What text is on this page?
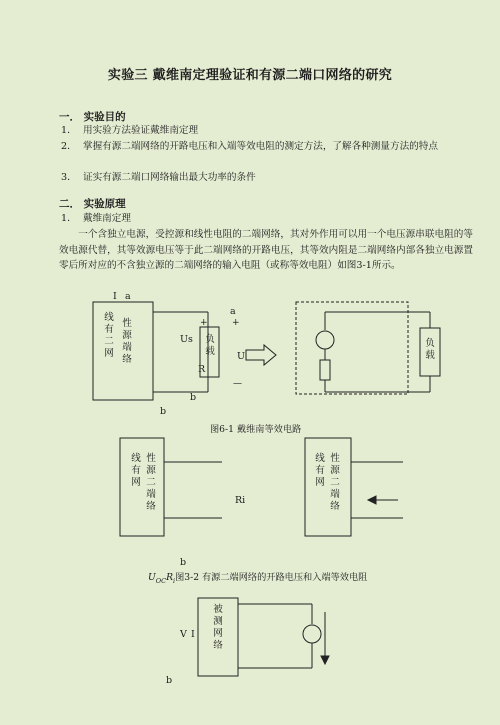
实验三 戴维南定理验证和有源二端口网络的研究
一． 实验目的
1． 用实验方法验证戴维南定理
2． 掌握有源二端网络的开路电压和入端等效电阻的测定方法，了解各种测量方法的特点
3． 证实有源二端口网络输出最大功率的条件
二． 实验原理
1． 戴维南定理
一个含独立电源，受控源和线性电阻的二端网络，其对外作用可以用一个电压源串联电阻的等效电源代替，其等效源电压等于此二端网络的开路电压，其等效内阻是二端网络内部各独立电源置零后所对应的不含独立源的二端网络的输入电阻（或称等效电阻）如图3-1所示。
I a
a
Us
+	+
R
U
—
b
b
Ri
b
V I
b
线
有
二
网
性
源
端
络
负
载
负
载
图6-1 戴维南等效电路
线
有
网
性
源
二
端
络
线
有
网
性
源
二
端
络
$U_{OC}R_i$图3-2 有源二端网络的开路电压和入端等效电阻
被
测
网
络
